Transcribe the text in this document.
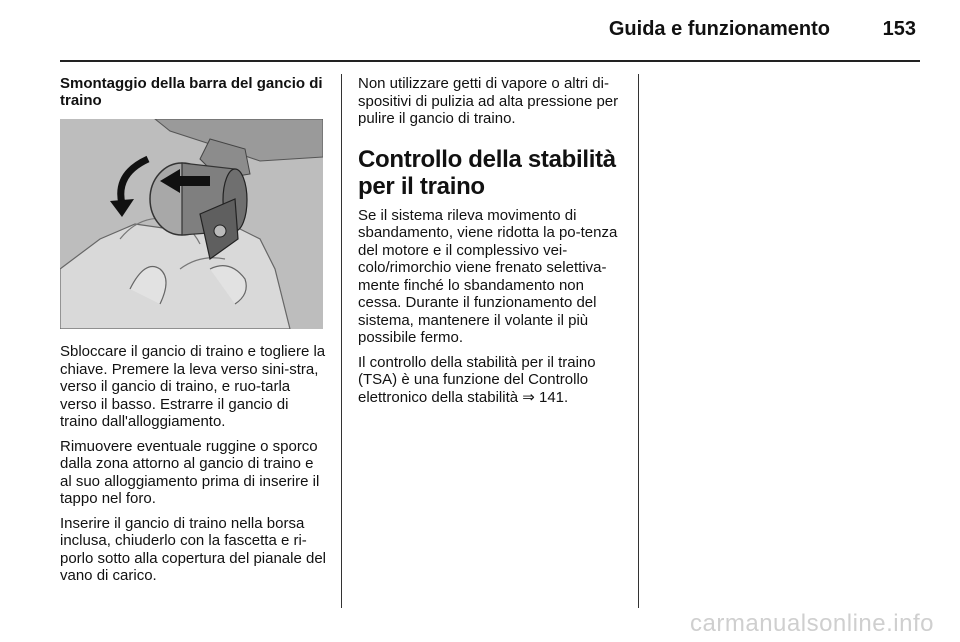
Guida e funzionamento	153
Smontaggio della barra del gancio di traino

Sbloccare il gancio di traino e togliere la chiave. Premere la leva verso sini-stra, verso il gancio di traino, e ruo-tarla verso il basso. Estrarre il gancio di traino dall'alloggiamento.

Rimuovere eventuale ruggine o sporco dalla zona attorno al gancio di traino e al suo alloggiamento prima di inserire il tappo nel foro.

Inserire il gancio di traino nella borsa inclusa, chiuderlo con la fascetta e ri-porlo sotto alla copertura del pianale del vano di carico.

Non utilizzare getti di vapore o altri di-spositivi di pulizia ad alta pressione per pulire il gancio di traino.

Controllo della stabilità per il traino

Se il sistema rileva movimento di sbandamento, viene ridotta la po-tenza del motore e il complessivo vei-colo/rimorchio viene frenato selettiva-mente finché lo sbandamento non cessa. Durante il funzionamento del sistema, mantenere il volante il più possibile fermo.

Il controllo della stabilità per il traino (TSA) è una funzione del Controllo elettronico della stabilità ⇒ 141.

carmanualsonline.info
